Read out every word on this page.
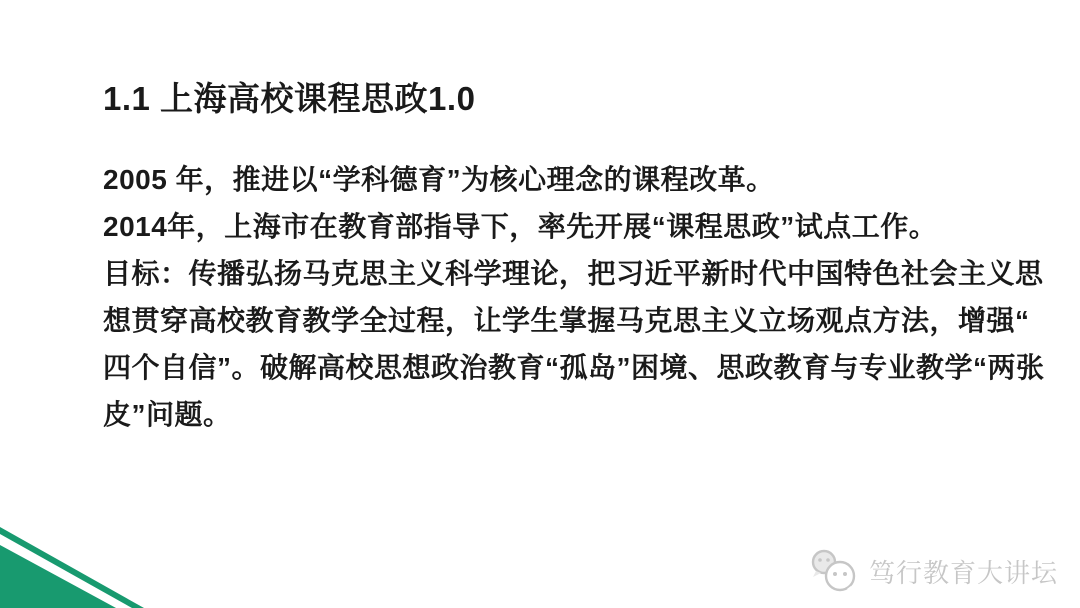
1.1 上海高校课程思政1.0
2005 年，推进以“学科德育”为核心理念的课程改革。
2014年，上海市在教育部指导下，率先开展“课程思政”试点工作。
目标：传播弘扬马克思主义科学理论，把习近平新时代中国特色社会主义思
想贯穿高校教育教学全过程，让学生掌握马克思主义立场观点方法，增强“
四个自信”。破解高校思想政治教育“孤岛”困境、思政教育与专业教学“两张
皮”问题。
笃行教育大讲坛
